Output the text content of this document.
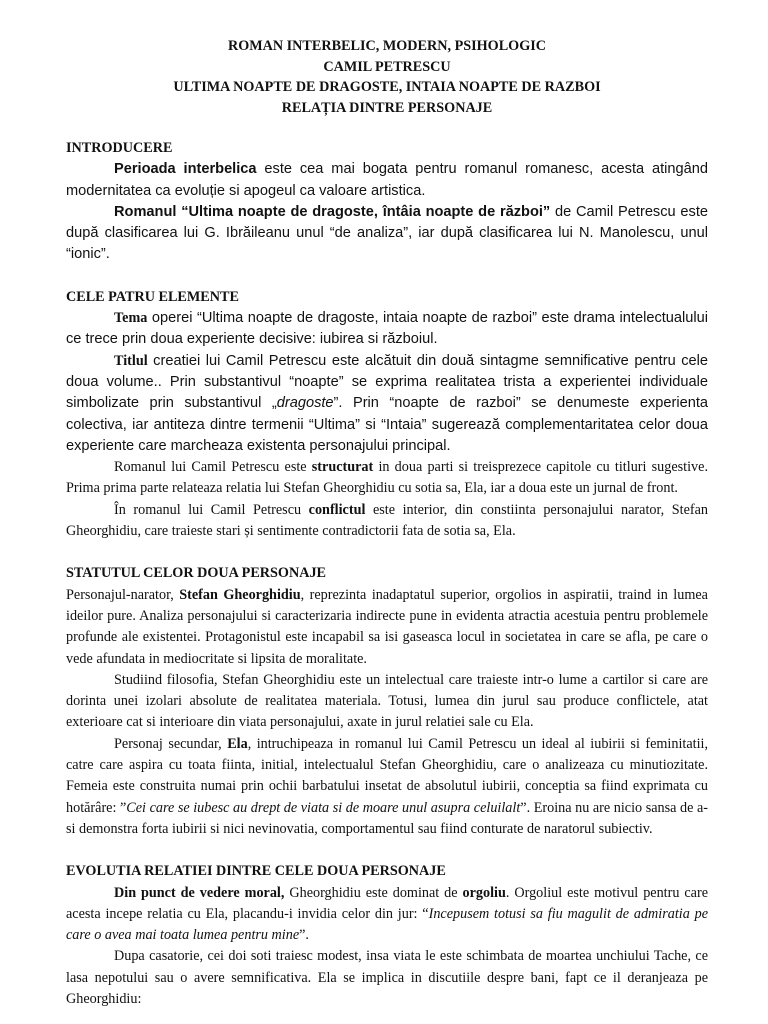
ROMAN INTERBELIC, MODERN, PSIHOLOGIC
CAMIL PETRESCU
ULTIMA NOAPTE DE DRAGOSTE, INTAIA NOAPTE DE RAZBOI
RELAȚIA DINTRE PERSONAJE
INTRODUCERE

Perioada interbelica este cea mai bogata pentru romanul romanesc, acesta atingând modernitatea ca evoluție si apogeul ca valoare artistica.

Romanul “Ultima noapte de dragoste, întâia noapte de război” de Camil Petrescu este după clasificarea lui G. Ibrăileanu unul “de analiza”, iar după clasificarea lui N. Manolescu, unul “ionic”.

CELE PATRU ELEMENTE

Tema operei “Ultima noapte de dragoste, intaia noapte de razboi” este drama intelectualului ce trece prin doua experiente decisive: iubirea si războiul.

Titlul creatiei lui Camil Petrescu este alcătuit din două sintagme semnificative pentru cele doua volume.. Prin substantivul “noapte” se exprima realitatea trista a experientei individuale simbolizate prin substantivul „dragoste”. Prin “noapte de razboi” se denumeste experienta colectiva, iar antiteza dintre termenii “Ultima” si “Intaia” sugerează complementaritatea celor doua experiente care marcheaza existenta personajului principal.

Romanul lui Camil Petrescu este structurat in doua parti si treisprezece capitole cu titluri sugestive. Prima prima parte relateaza relatia lui Stefan Gheorghidiu cu sotia sa, Ela, iar a doua este un jurnal de front.

În romanul lui Camil Petrescu conflictul este interior, din constiinta personajului narator, Stefan Gheorghidiu, care traieste stari și sentimente contradictorii fata de sotia sa, Ela.

STATUTUL CELOR DOUA PERSONAJE

Personajul-narator, Stefan Gheorghidiu, reprezinta inadaptatul superior, orgolios in aspiratii, traind in lumea ideilor pure. Analiza personajului si caracterizaria indirecte pune in evidenta atractia acestuia pentru problemele profunde ale existentei. Protagonistul este incapabil sa isi gaseasca locul in societatea in care se afla, pe care o vede afundata in mediocritate si lipsita de moralitate.

Studiind filosofia, Stefan Gheorghidiu este un intelectual care traieste intr-o lume a cartilor si care are dorinta unei izolari absolute de realitatea materiala. Totusi, lumea din jurul sau produce conflictele, atat exterioare cat si interioare din viata personajului, axate in jurul relatiei sale cu Ela.

Personaj secundar, Ela, intruchipeaza in romanul lui Camil Petrescu un ideal al iubirii si feminitatii, catre care aspira cu toata fiinta, initial, intelectualul Stefan Gheorghidiu, care o analizeaza cu minutiozitate. Femeia este construita numai prin ochii barbatului insetat de absolutul iubirii, conceptia sa fiind exprimata cu hotărâre: ”Cei care se iubesc au drept de viata si de moare unul asupra celuilalt”. Eroina nu are nicio sansa de a-si demonstra forta iubirii si nici nevinovatia, comportamentul sau fiind conturate de naratorul subiectiv.

EVOLUTIA RELATIEI DINTRE CELE DOUA PERSONAJE

Din punct de vedere moral, Gheorghidiu este dominat de orgoliu. Orgoliul este motivul pentru care acesta incepe relatia cu Ela, placandu-i invidia celor din jur: “Incepusem totusi sa fiu magulit de admiratia pe care o avea mai toata lumea pentru mine”.

Dupa casatorie, cei doi soti traiesc modest, insa viata le este schimbata de moartea unchiului Tache, ce lasa nepotului sau o avere semnificativa. Ela se implica in discutiile despre bani, fapt ce il deranjeaza pe Gheorghidiu:
